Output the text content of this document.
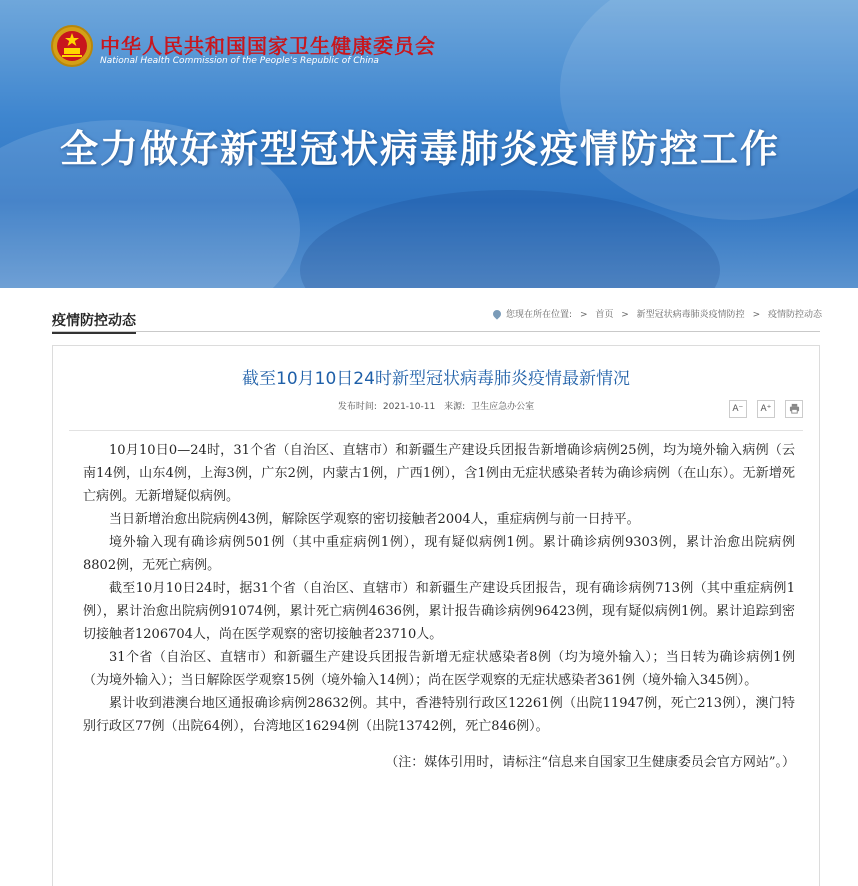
中华人民共和国国家卫生健康委员会
National Health Commission of the People's Republic of China
全力做好新型冠状病毒肺炎疫情防控工作
疫情防控动态	您现在所在位置: > 首页 > 新型冠状病毒肺炎疫情防控 > 疫情防控动态
截至10月10日24时新型冠状病毒肺炎疫情最新情况
发布时间: 2021-10-11 来源: 卫生应急办公室	A⁻ A⁺

10月10日0—24时，31个省（自治区、直辖市）和新疆生产建设兵团报告新增确诊病例25例，均为境外输入病例（云南14例，山东4例，上海3例，广东2例，内蒙古1例，广西1例），含1例由无症状感染者转为确诊病例（在山东）。无新增死亡病例。无新增疑似病例。

当日新增治愈出院病例43例，解除医学观察的密切接触者2004人，重症病例与前一日持平。

境外输入现有确诊病例501例（其中重症病例1例），现有疑似病例1例。累计确诊病例9303例，累计治愈出院病例8802例，无死亡病例。

截至10月10日24时，据31个省（自治区、直辖市）和新疆生产建设兵团报告，现有确诊病例713例（其中重症病例1例），累计治愈出院病例91074例，累计死亡病例4636例，累计报告确诊病例96423例，现有疑似病例1例。累计追踪到密切接触者1206704人，尚在医学观察的密切接触者23710人。

31个省（自治区、直辖市）和新疆生产建设兵团报告新增无症状感染者8例（均为境外输入）；当日转为确诊病例1例（为境外输入）；当日解除医学观察15例（境外输入14例）；尚在医学观察的无症状感染者361例（境外输入345例）。

累计收到港澳台地区通报确诊病例28632例。其中，香港特别行政区12261例（出院11947例，死亡213例），澳门特别行政区77例（出院64例），台湾地区16294例（出院13742例，死亡846例）。

（注：媒体引用时，请标注“信息来自国家卫生健康委员会官方网站”。）
